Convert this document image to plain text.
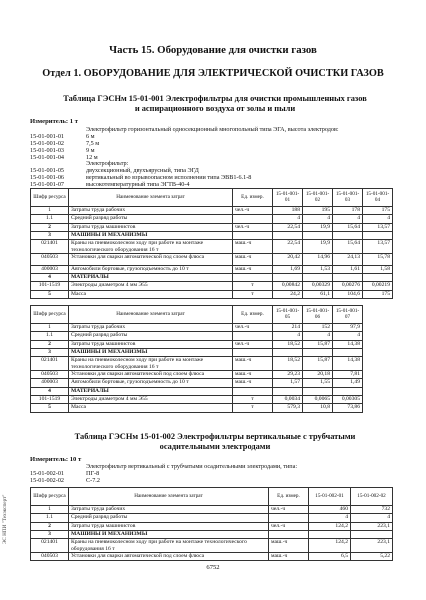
Часть 15. Оборудование для очистки газов
Отдел 1. ОБОРУДОВАНИЕ ДЛЯ ЭЛЕКТРИЧЕСКОЙ ОЧИСТКИ ГАЗОВ
Таблица ГЭСНм 15-01-001 Электрофильтры для очистки промышленных газов и аспирационного воздуха от золы и пыли
Измеритель: 1 т
Электрофильтр горизонтальный односекционный многопольный типа ЭГА, высота электродов:
15-01-001-01	6 м
15-01-001-02	7,5 м
15-01-001-03	9 м
15-01-001-04	12 м
Электрофильтр:
15-01-001-05	двухсекционный, двухъярусный, типа ЭГД
15-01-001-06	вертикальный во взрывоопасном исполнении типа ЭВВ1-6.1-8
15-01-001-07	высокотемпературный типа ЭГТВ-40-4
Шифр ресурса	Наименование элемента затрат	Ед. измер.	15-01-001-01	15-01-001-02	15-01-001-03	15-01-001-04
1	Затраты труда рабочих	чел.-ч	188	195	178	175
1.1	Средний разряд работы		4	4	4	4
2	Затраты труда машинистов	чел.-ч	22,54	19,9	15,64	13,57
3	МАШИНЫ И МЕХАНИЗМЫ					
021401	Краны на пневмоколесном ходу при работе на монтаже технологического оборудования 16 т	маш.-ч	22,54	19,9	15,64	13,57
040503	Установки для сварки автоматической под слоем флюса	маш.-ч	20,42	14,96	24,13	15,78
400003	Автомобили бортовые, грузоподъемность до 10 т	маш.-ч	1,69	1,53	1,61	1,58
4	МАТЕРИАЛЫ					
101-1519	Электроды диаметром 4 мм Э55	т	0,00842	0,00329	0,00276	0,00219
5	Масса	т	24,2	61,1	104,6	175
Шифр ресурса	Наименование элемента затрат	Ед. измер.	15-01-001-05	15-01-001-06	15-01-001-07
1	Затраты труда рабочих	чел.-ч	214	152	97,9
1.1	Средний разряд работы		4	4	4
2	Затраты труда машинистов	чел.-ч	18,52	15,87	14,38
3	МАШИНЫ И МЕХАНИЗМЫ				
021401	Краны на пневмоколесном ходу при работе на монтаже технологического оборудования 16 т	маш.-ч	18,52	15,87	14,38
040503	Установки для сварки автоматической под слоем флюса	маш.-ч	29,23	20,18	7,81
400003	Автомобили бортовые, грузоподъемность до 10 т	маш.-ч	1,57	1,55	1,49
4	МАТЕРИАЛЫ				
101-1519	Электроды диаметром 4 мм Э55	т	0,0034	0,0065	0,00305
5	Масса	т	579,3	10,8	73,86
Таблица ГЭСНм 15-01-002 Электрофильтры вертикальные с трубчатыми осадительными электродами
Измеритель: 10 т
Электрофильтр вертикальный с трубчатыми осадительными электродами, типа:
15-01-002-01	ПГ-8
15-01-002-02	С-7.2
Шифр ресурса	Наименование элемента затрат	Ед. измер.	15-01-002-01	15-01-002-02
1	Затраты труда рабочих	чел.-ч	460	732
1.1	Средний разряд работы		4	4
2	Затраты труда машинистов	чел.-ч	124,2	223,1
3	МАШИНЫ И МЕХАНИЗМЫ			
021401	Краны на пневмоколесном ходу при работе на монтаже технологического оборудования 16 т	маш.-ч	124,2	223,1
040503	Установки для сварки автоматической под слоем флюса	маш.-ч	6,5	5,22
ЭС НПИ "Техэксперт"
6752
